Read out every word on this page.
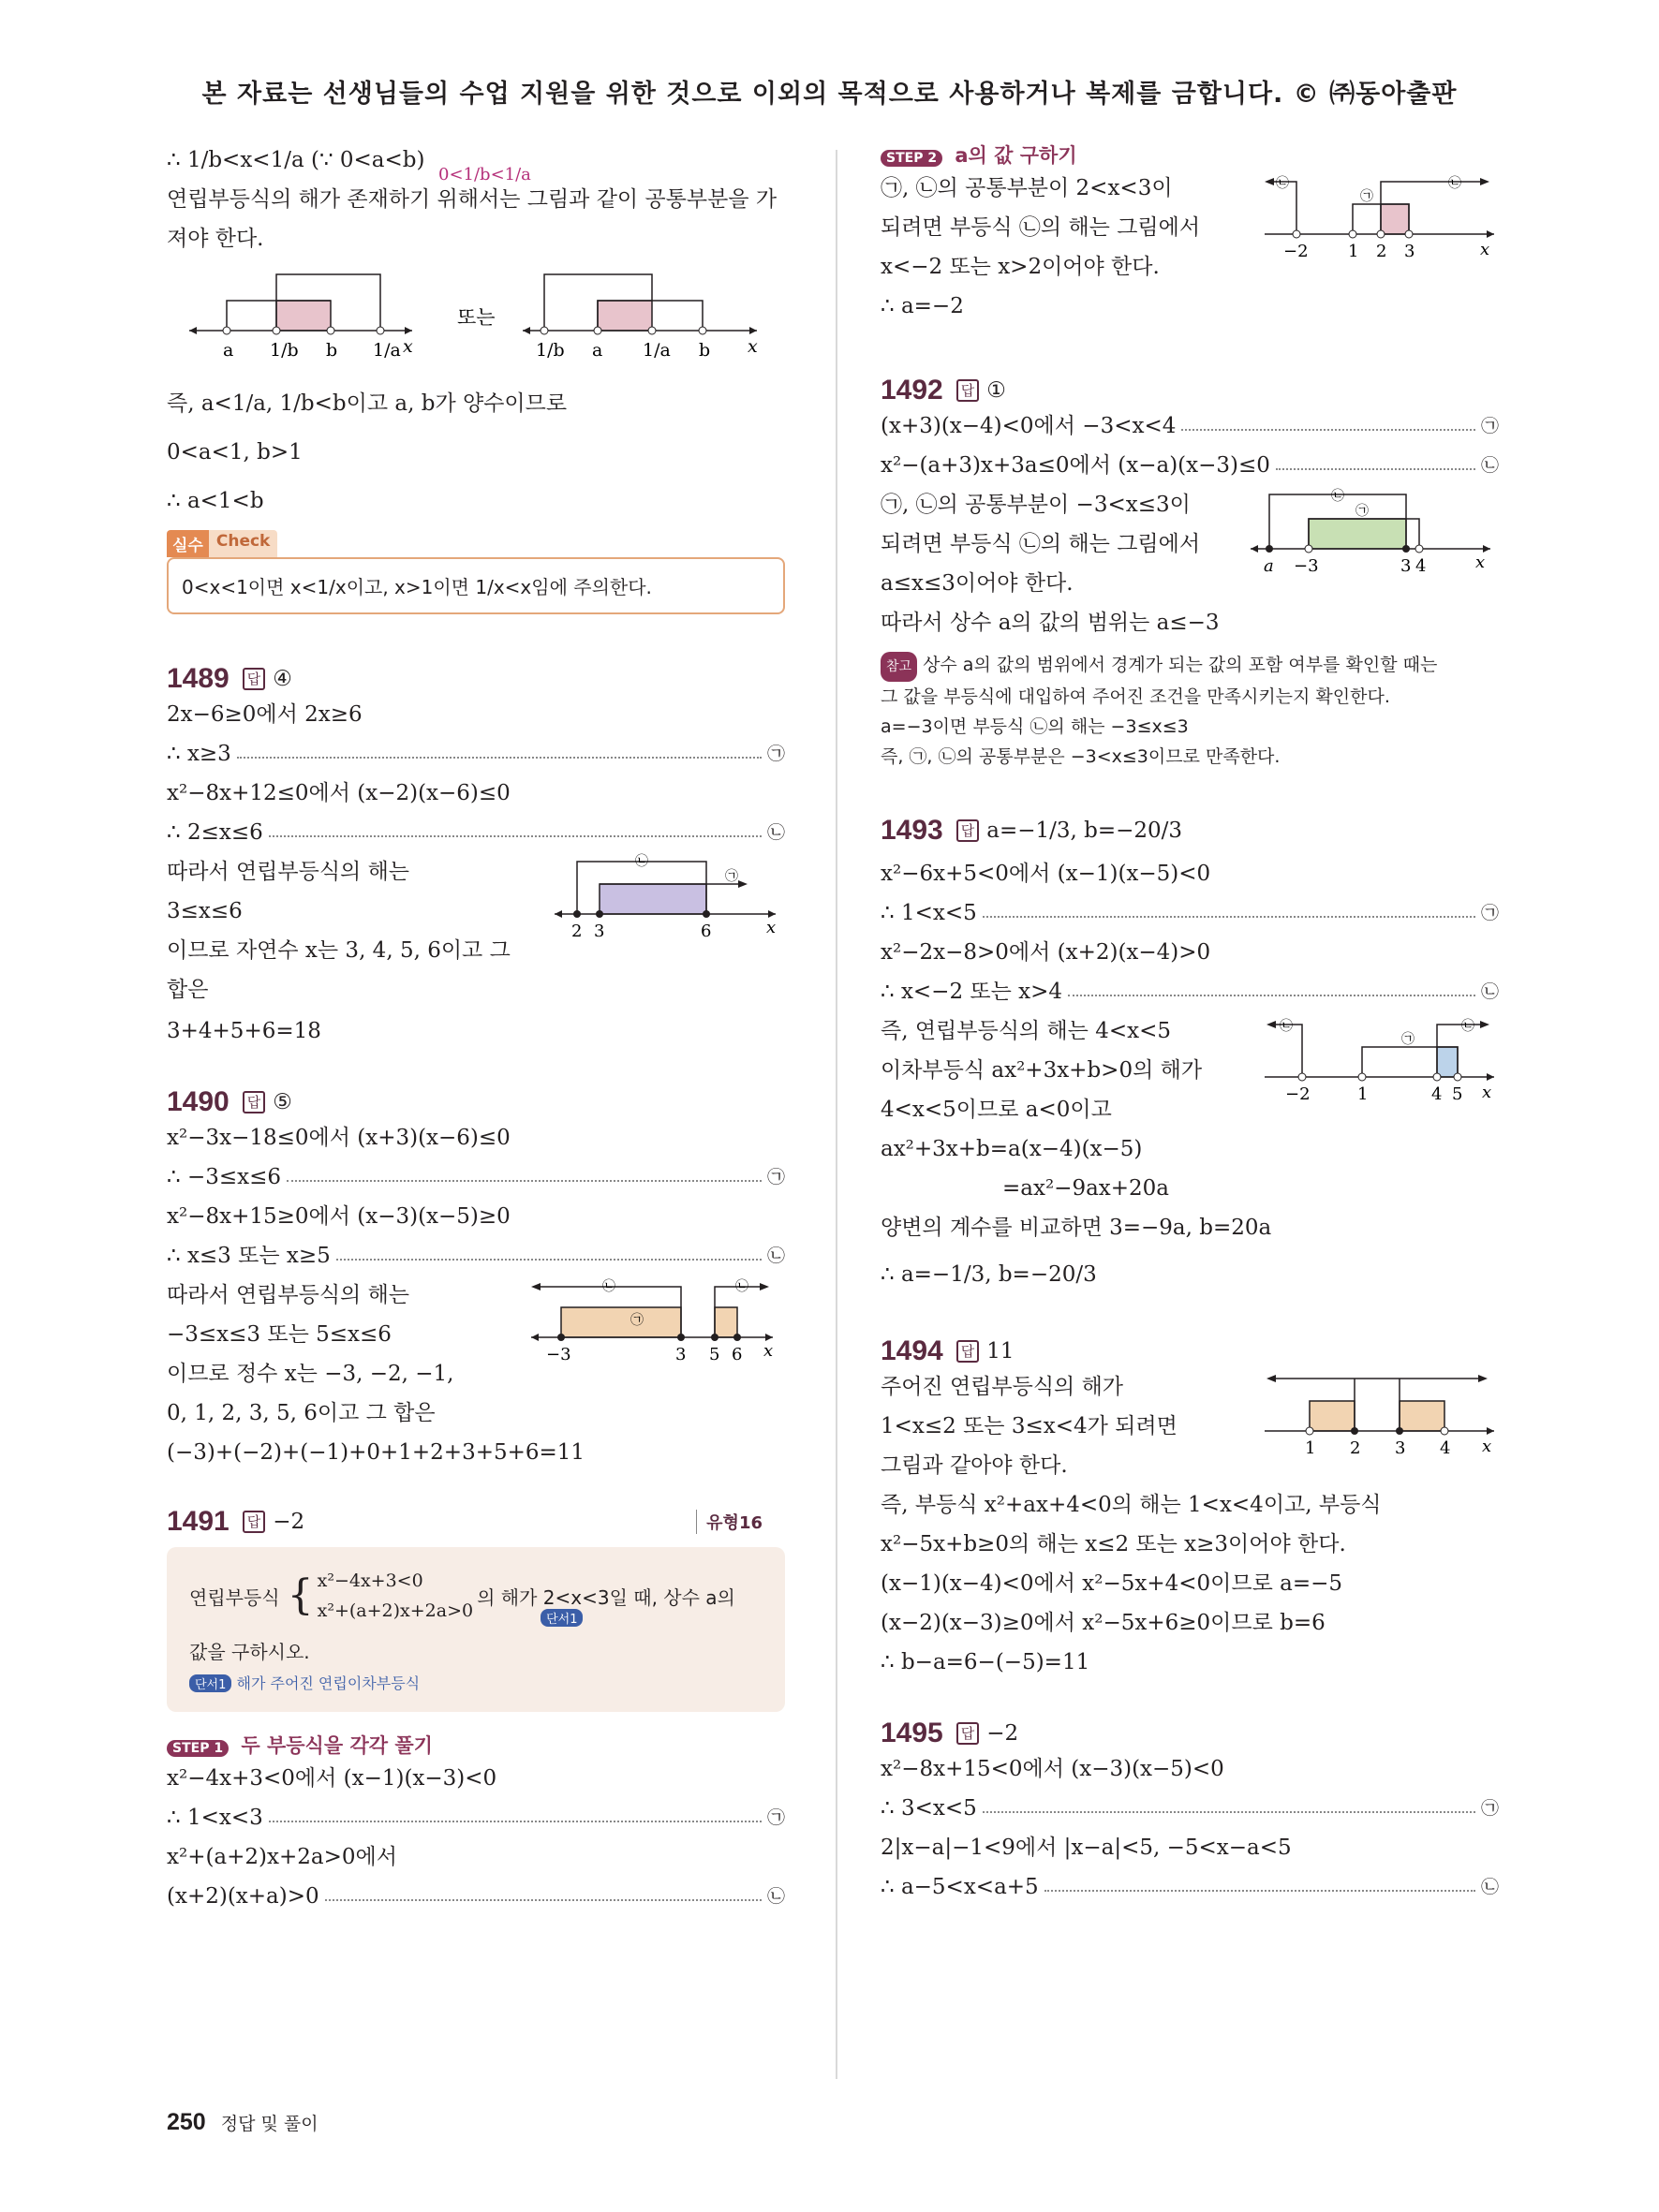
본 자료는 선생님들의 수업 지원을 위한 것으로 이외의 목적으로 사용하거나 복제를 금합니다. © ㈜동아출판
∴ 1/b<x<1/a (∵ 0<a<b)
0<1/b<1/a
연립부등식의 해가 존재하기 위해서는 그림과 같이 공통부분을 가
져야 한다.
a 1/b b 1/a x
또는
1/b a 1/a b x
즉, a<1/a, 1/b<b이고 a, b가 양수이므로
0<a<1, b>1
∴ a<1<b
실수 Check
0<x<1이면 x<1/x이고, x>1이면 1/x<x임에 주의한다.
1489	답 ④
2x−6≥0에서 2x≥6
∴ x≥3	㉠
x²−8x+12≤0에서 (x−2)(x−6)≤0
∴ 2≤x≤6	㉡
따라서 연립부등식의 해는
3≤x≤6
이므로 자연수 x는 3, 4, 5, 6이고 그
합은
2 3	6	x
㉡
㉠
3+4+5+6=18
1490	답 ⑤
x²−3x−18≤0에서 (x+3)(x−6)≤0
∴ −3≤x≤6	㉠
x²−8x+15≥0에서 (x−3)(x−5)≥0
∴ x≤3 또는 x≥5	㉡
따라서 연립부등식의 해는
−3≤x≤3 또는 5≤x≤6
이므로 정수 x는 −3, −2, −1,
0, 1, 2, 3, 5, 6이고 그 합은
−3	3 5 6 x
㉡
㉠
㉡
(−3)+(−2)+(−1)+0+1+2+3+5+6=11
1491	답 −2	유형16
연립부등식 { x²−4x+3<0
x²+(a+2)x+2a>0
의 해가 2<x<3일 때, 상수 a의
단서1
값을 구하시오.
단서1 해가 주어진 연립이차부등식
STEP 1 두 부등식을 각각 풀기
x²−4x+3<0에서 (x−1)(x−3)<0
∴ 1<x<3	㉠
x²+(a+2)x+2a>0에서
(x+2)(x+a)>0	㉡
STEP 2 a의 값 구하기
㉠, ㉡의 공통부분이 2<x<3이
되려면 부등식 ㉡의 해는 그림에서
x<−2 또는 x>2이어야 한다.
∴ a=−2
−2 1 2 3	x
㉡
㉠
㉡
1492	답 ①
(x+3)(x−4)<0에서 −3<x<4	㉠
x²−(a+3)x+3a≤0에서 (x−a)(x−3)≤0	㉡
㉠, ㉡의 공통부분이 −3<x≤3이
되려면 부등식 ㉡의 해는 그림에서
a≤x≤3이어야 한다.
따라서 상수 a의 값의 범위는 a≤−3
a −3	3 4	x
㉡
㉠
참고 상수 a의 값의 범위에서 경계가 되는 값의 포함 여부를 확인할 때는
그 값을 부등식에 대입하여 주어진 조건을 만족시키는지 확인한다.
a=−3이면 부등식 ㉡의 해는 −3≤x≤3
즉, ㉠, ㉡의 공통부분은 −3<x≤3이므로 만족한다.
1493	답 a=−1/3, b=−20/3
x²−6x+5<0에서 (x−1)(x−5)<0
∴ 1<x<5	㉠
x²−2x−8>0에서 (x+2)(x−4)>0
∴ x<−2 또는 x>4	㉡
즉, 연립부등식의 해는 4<x<5
이차부등식 ax²+3x+b>0의 해가
4<x<5이므로 a<0이고
ax²+3x+b=a(x−4)(x−5)
=ax²−9ax+20a
양변의 계수를 비교하면 3=−9a, b=20a
−2	1	4 5 x
㉡
㉠
㉡
∴ a=−1/3, b=−20/3
1494	답 11
주어진 연립부등식의 해가
1<x≤2 또는 3≤x<4가 되려면
그림과 같아야 한다.
1 2 3 4 x
즉, 부등식 x²+ax+4<0의 해는 1<x<4이고, 부등식
x²−5x+b≥0의 해는 x≤2 또는 x≥3이어야 한다.
(x−1)(x−4)<0에서 x²−5x+4<0이므로 a=−5
(x−2)(x−3)≥0에서 x²−5x+6≥0이므로 b=6
∴ b−a=6−(−5)=11
1495	답 −2
x²−8x+15<0에서 (x−3)(x−5)<0
∴ 3<x<5	㉠
2|x−a|−1<9에서 |x−a|<5, −5<x−a<5
∴ a−5<x<a+5	㉡
250 정답 및 풀이
